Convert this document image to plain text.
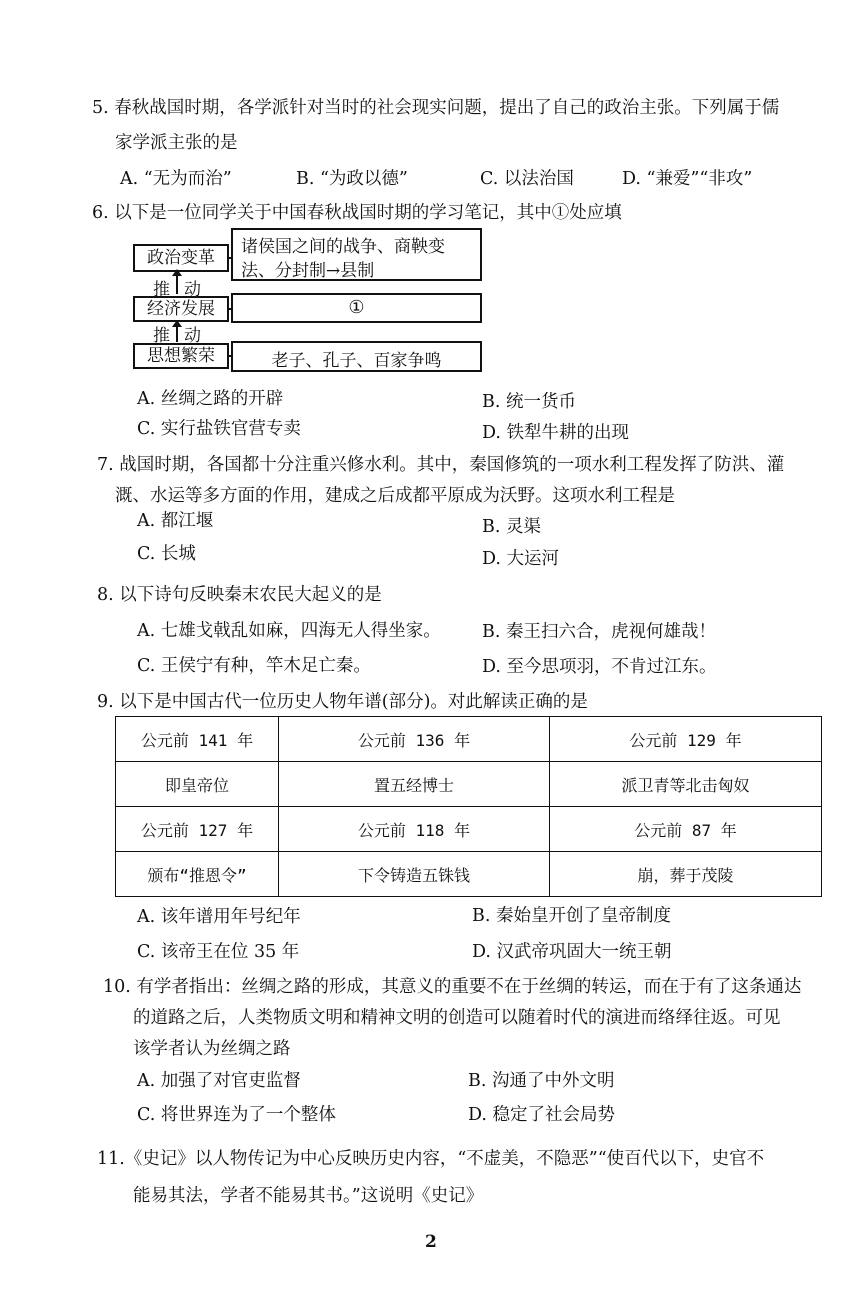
5. 春秋战国时期，各学派针对当时的社会现实问题，提出了自己的政治主张。下列属于儒
家学派主张的是
A. “无为而治”	B. “为政以德”	C. 以法治国	D. “兼爱”“非攻”
6. 以下是一位同学关于中国春秋战国时期的学习笔记，其中①处应填
政治变革
诸侯国之间的战争、商鞅变
法、分封制→县制
推动
经济发展	①
推动
思想繁荣	老子、孔子、百家争鸣
A. 丝绸之路的开辟	B. 统一货币
C. 实行盐铁官营专卖	D. 铁犁牛耕的出现
7. 战国时期，各国都十分注重兴修水利。其中，秦国修筑的一项水利工程发挥了防洪、灌
溉、水运等多方面的作用，建成之后成都平原成为沃野。这项水利工程是
A. 都江堰	B. 灵渠
C. 长城	D. 大运河
8. 以下诗句反映秦末农民大起义的是
A. 七雄戈戟乱如麻，四海无人得坐家。 B. 秦王扫六合，虎视何雄哉！
C. 王侯宁有种，竿木足亡秦。	D. 至今思项羽，不肯过江东。
9. 以下是中国古代一位历史人物年谱(部分)。对此解读正确的是
公元前 141 年	公元前 136 年	公元前 129 年
即皇帝位	置五经博士	派卫青等北击匈奴
公元前 127 年	公元前 118 年	公元前 87 年
颁布“推恩令”	下令铸造五铢钱	崩，葬于茂陵
A. 该年谱用年号纪年	B. 秦始皇开创了皇帝制度
C. 该帝王在位 35 年	D. 汉武帝巩固大一统王朝
10. 有学者指出：丝绸之路的形成，其意义的重要不在于丝绸的转运，而在于有了这条通达
的道路之后，人类物质文明和精神文明的创造可以随着时代的演进而络绎往返。可见
该学者认为丝绸之路
A. 加强了对官吏监督	B. 沟通了中外文明
C. 将世界连为了一个整体	D. 稳定了社会局势
11.《史记》以人物传记为中心反映历史内容，“不虚美，不隐恶”“使百代以下，史官不
能易其法，学者不能易其书。”这说明《史记》
2
